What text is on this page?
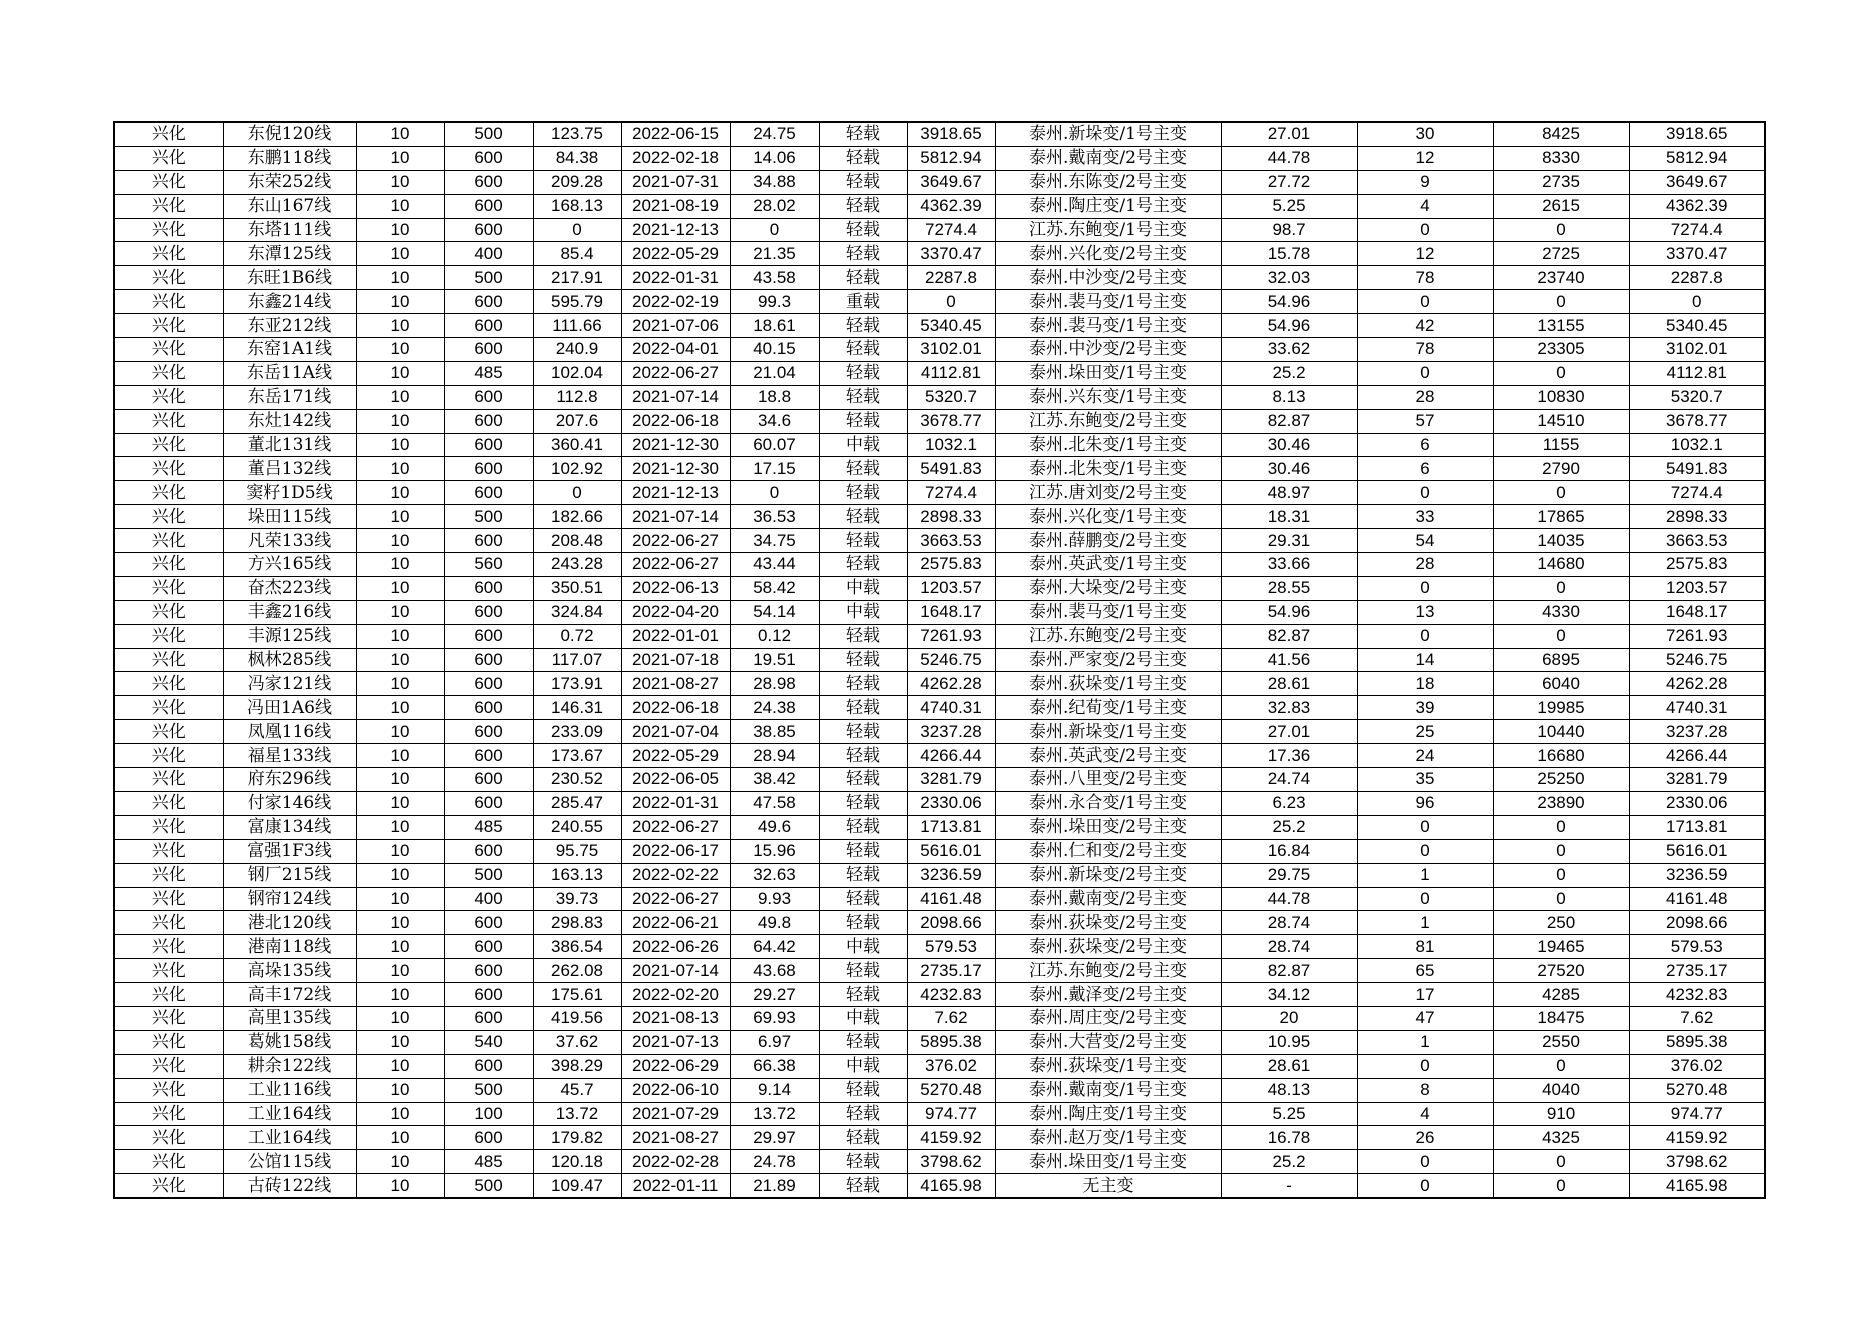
兴化	东倪120线	10	500	123.75	2022-06-15	24.75	轻载	3918.65	泰州.新垛变/1号主变	27.01	30	8425	3918.65
兴化	东鹏118线	10	600	84.38	2022-02-18	14.06	轻载	5812.94	泰州.戴南变/2号主变	44.78	12	8330	5812.94
兴化	东荣252线	10	600	209.28	2021-07-31	34.88	轻载	3649.67	泰州.东陈变/2号主变	27.72	9	2735	3649.67
兴化	东山167线	10	600	168.13	2021-08-19	28.02	轻载	4362.39	泰州.陶庄变/1号主变	5.25	4	2615	4362.39
兴化	东塔111线	10	600	0	2021-12-13	0	轻载	7274.4	江苏.东鲍变/1号主变	98.7	0	0	7274.4
兴化	东潭125线	10	400	85.4	2022-05-29	21.35	轻载	3370.47	泰州.兴化变/2号主变	15.78	12	2725	3370.47
兴化	东旺1B6线	10	500	217.91	2022-01-31	43.58	轻载	2287.8	泰州.中沙变/2号主变	32.03	78	23740	2287.8
兴化	东鑫214线	10	600	595.79	2022-02-19	99.3	重载	0	泰州.裴马变/1号主变	54.96	0	0	0
兴化	东亚212线	10	600	111.66	2021-07-06	18.61	轻载	5340.45	泰州.裴马变/1号主变	54.96	42	13155	5340.45
兴化	东窑1A1线	10	600	240.9	2022-04-01	40.15	轻载	3102.01	泰州.中沙变/2号主变	33.62	78	23305	3102.01
兴化	东岳11A线	10	485	102.04	2022-06-27	21.04	轻载	4112.81	泰州.垛田变/1号主变	25.2	0	0	4112.81
兴化	东岳171线	10	600	112.8	2021-07-14	18.8	轻载	5320.7	泰州.兴东变/1号主变	8.13	28	10830	5320.7
兴化	东灶142线	10	600	207.6	2022-06-18	34.6	轻载	3678.77	江苏.东鲍变/2号主变	82.87	57	14510	3678.77
兴化	董北131线	10	600	360.41	2021-12-30	60.07	中载	1032.1	泰州.北朱变/1号主变	30.46	6	1155	1032.1
兴化	董吕132线	10	600	102.92	2021-12-30	17.15	轻载	5491.83	泰州.北朱变/1号主变	30.46	6	2790	5491.83
兴化	窦籽1D5线	10	600	0	2021-12-13	0	轻载	7274.4	江苏.唐刘变/2号主变	48.97	0	0	7274.4
兴化	垛田115线	10	500	182.66	2021-07-14	36.53	轻载	2898.33	泰州.兴化变/1号主变	18.31	33	17865	2898.33
兴化	凡荣133线	10	600	208.48	2022-06-27	34.75	轻载	3663.53	泰州.薛鹏变/2号主变	29.31	54	14035	3663.53
兴化	方兴165线	10	560	243.28	2022-06-27	43.44	轻载	2575.83	泰州.英武变/1号主变	33.66	28	14680	2575.83
兴化	奋杰223线	10	600	350.51	2022-06-13	58.42	中载	1203.57	泰州.大垛变/2号主变	28.55	0	0	1203.57
兴化	丰鑫216线	10	600	324.84	2022-04-20	54.14	中载	1648.17	泰州.裴马变/1号主变	54.96	13	4330	1648.17
兴化	丰源125线	10	600	0.72	2022-01-01	0.12	轻载	7261.93	江苏.东鲍变/2号主变	82.87	0	0	7261.93
兴化	枫林285线	10	600	117.07	2021-07-18	19.51	轻载	5246.75	泰州.严家变/2号主变	41.56	14	6895	5246.75
兴化	冯家121线	10	600	173.91	2021-08-27	28.98	轻载	4262.28	泰州.荻垛变/1号主变	28.61	18	6040	4262.28
兴化	冯田1A6线	10	600	146.31	2022-06-18	24.38	轻载	4740.31	泰州.纪荀变/1号主变	32.83	39	19985	4740.31
兴化	凤凰116线	10	600	233.09	2021-07-04	38.85	轻载	3237.28	泰州.新垛变/1号主变	27.01	25	10440	3237.28
兴化	福星133线	10	600	173.67	2022-05-29	28.94	轻载	4266.44	泰州.英武变/2号主变	17.36	24	16680	4266.44
兴化	府东296线	10	600	230.52	2022-06-05	38.42	轻载	3281.79	泰州.八里变/2号主变	24.74	35	25250	3281.79
兴化	付家146线	10	600	285.47	2022-01-31	47.58	轻载	2330.06	泰州.永合变/1号主变	6.23	96	23890	2330.06
兴化	富康134线	10	485	240.55	2022-06-27	49.6	轻载	1713.81	泰州.垛田变/2号主变	25.2	0	0	1713.81
兴化	富强1F3线	10	600	95.75	2022-06-17	15.96	轻载	5616.01	泰州.仁和变/2号主变	16.84	0	0	5616.01
兴化	钢厂215线	10	500	163.13	2022-02-22	32.63	轻载	3236.59	泰州.新垛变/2号主变	29.75	1	0	3236.59
兴化	钢帘124线	10	400	39.73	2022-06-27	9.93	轻载	4161.48	泰州.戴南变/2号主变	44.78	0	0	4161.48
兴化	港北120线	10	600	298.83	2022-06-21	49.8	轻载	2098.66	泰州.荻垛变/2号主变	28.74	1	250	2098.66
兴化	港南118线	10	600	386.54	2022-06-26	64.42	中载	579.53	泰州.荻垛变/2号主变	28.74	81	19465	579.53
兴化	高垛135线	10	600	262.08	2021-07-14	43.68	轻载	2735.17	江苏.东鲍变/2号主变	82.87	65	27520	2735.17
兴化	高丰172线	10	600	175.61	2022-02-20	29.27	轻载	4232.83	泰州.戴泽变/2号主变	34.12	17	4285	4232.83
兴化	高里135线	10	600	419.56	2021-08-13	69.93	中载	7.62	泰州.周庄变/2号主变	20	47	18475	7.62
兴化	葛姚158线	10	540	37.62	2021-07-13	6.97	轻载	5895.38	泰州.大营变/2号主变	10.95	1	2550	5895.38
兴化	耕余122线	10	600	398.29	2022-06-29	66.38	中载	376.02	泰州.荻垛变/1号主变	28.61	0	0	376.02
兴化	工业116线	10	500	45.7	2022-06-10	9.14	轻载	5270.48	泰州.戴南变/1号主变	48.13	8	4040	5270.48
兴化	工业164线	10	100	13.72	2021-07-29	13.72	轻载	974.77	泰州.陶庄变/1号主变	5.25	4	910	974.77
兴化	工业164线	10	600	179.82	2021-08-27	29.97	轻载	4159.92	泰州.赵万变/1号主变	16.78	26	4325	4159.92
兴化	公馆115线	10	485	120.18	2022-02-28	24.78	轻载	3798.62	泰州.垛田变/1号主变	25.2	0	0	3798.62
兴化	古砖122线	10	500	109.47	2022-01-11	21.89	轻载	4165.98	无主变	-	0	0	4165.98
